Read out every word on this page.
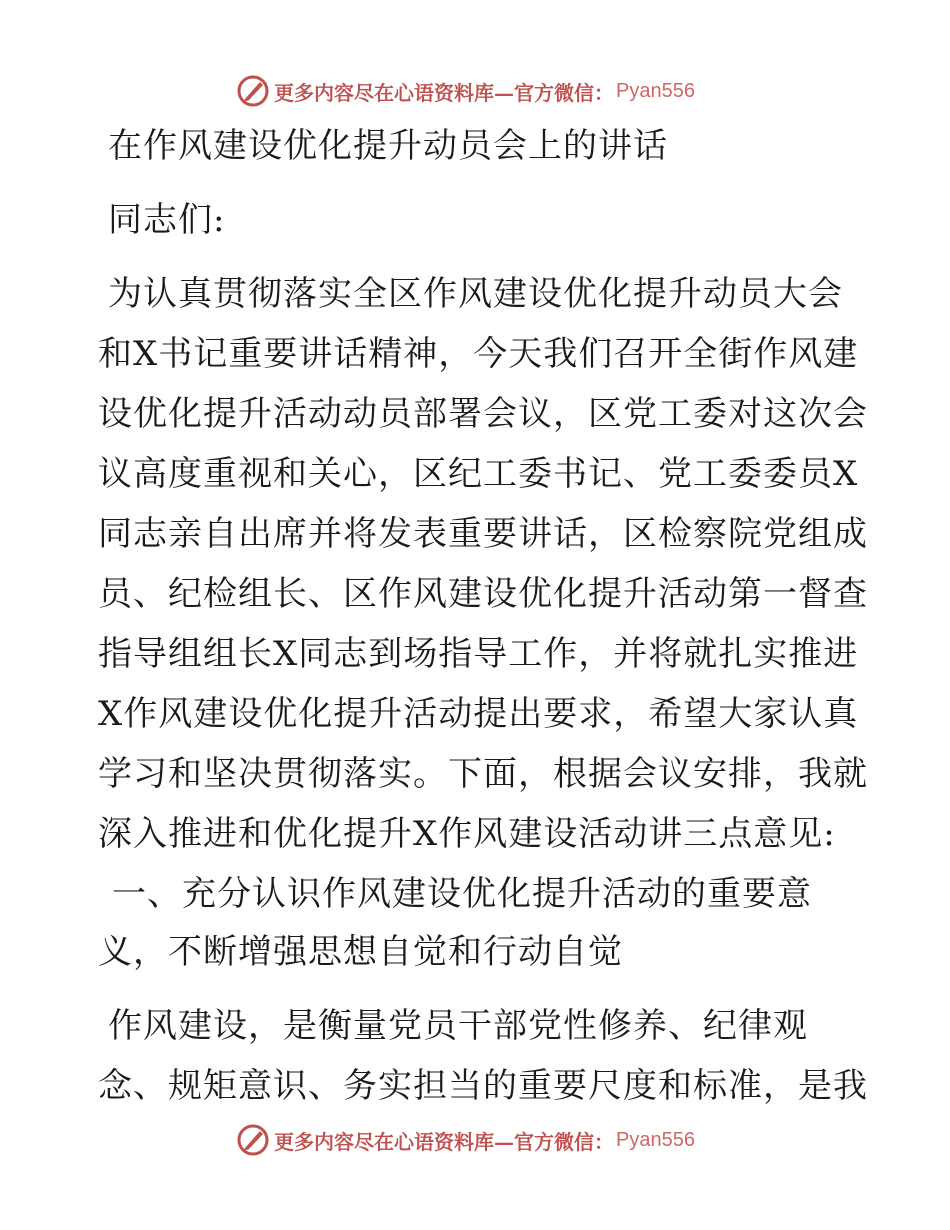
更多内容尽在心语资料库—官方微信： Pyan556
在作风建设优化提升动员会上的讲话
同志们:
为认真贯彻落实全区作风建设优化提升动员大会
和X书记重要讲话精神，今天我们召开全街作风建
设优化提升活动动员部署会议，区党工委对这次会
议高度重视和关心，区纪工委书记、党工委委员X
同志亲自出席并将发表重要讲话，区检察院党组成
员、纪检组长、区作风建设优化提升活动第一督查
指导组组长X同志到场指导工作，并将就扎实推进
X作风建设优化提升活动提出要求，希望大家认真
学习和坚决贯彻落实。下面，根据会议安排，我就
深入推进和优化提升X作风建设活动讲三点意见:
一、充分认识作风建设优化提升活动的重要意
义，不断增强思想自觉和行动自觉
作风建设，是衡量党员干部党性修养、纪律观
念、规矩意识、务实担当的重要尺度和标准，是我
更多内容尽在心语资料库—官方微信： Pyan556
